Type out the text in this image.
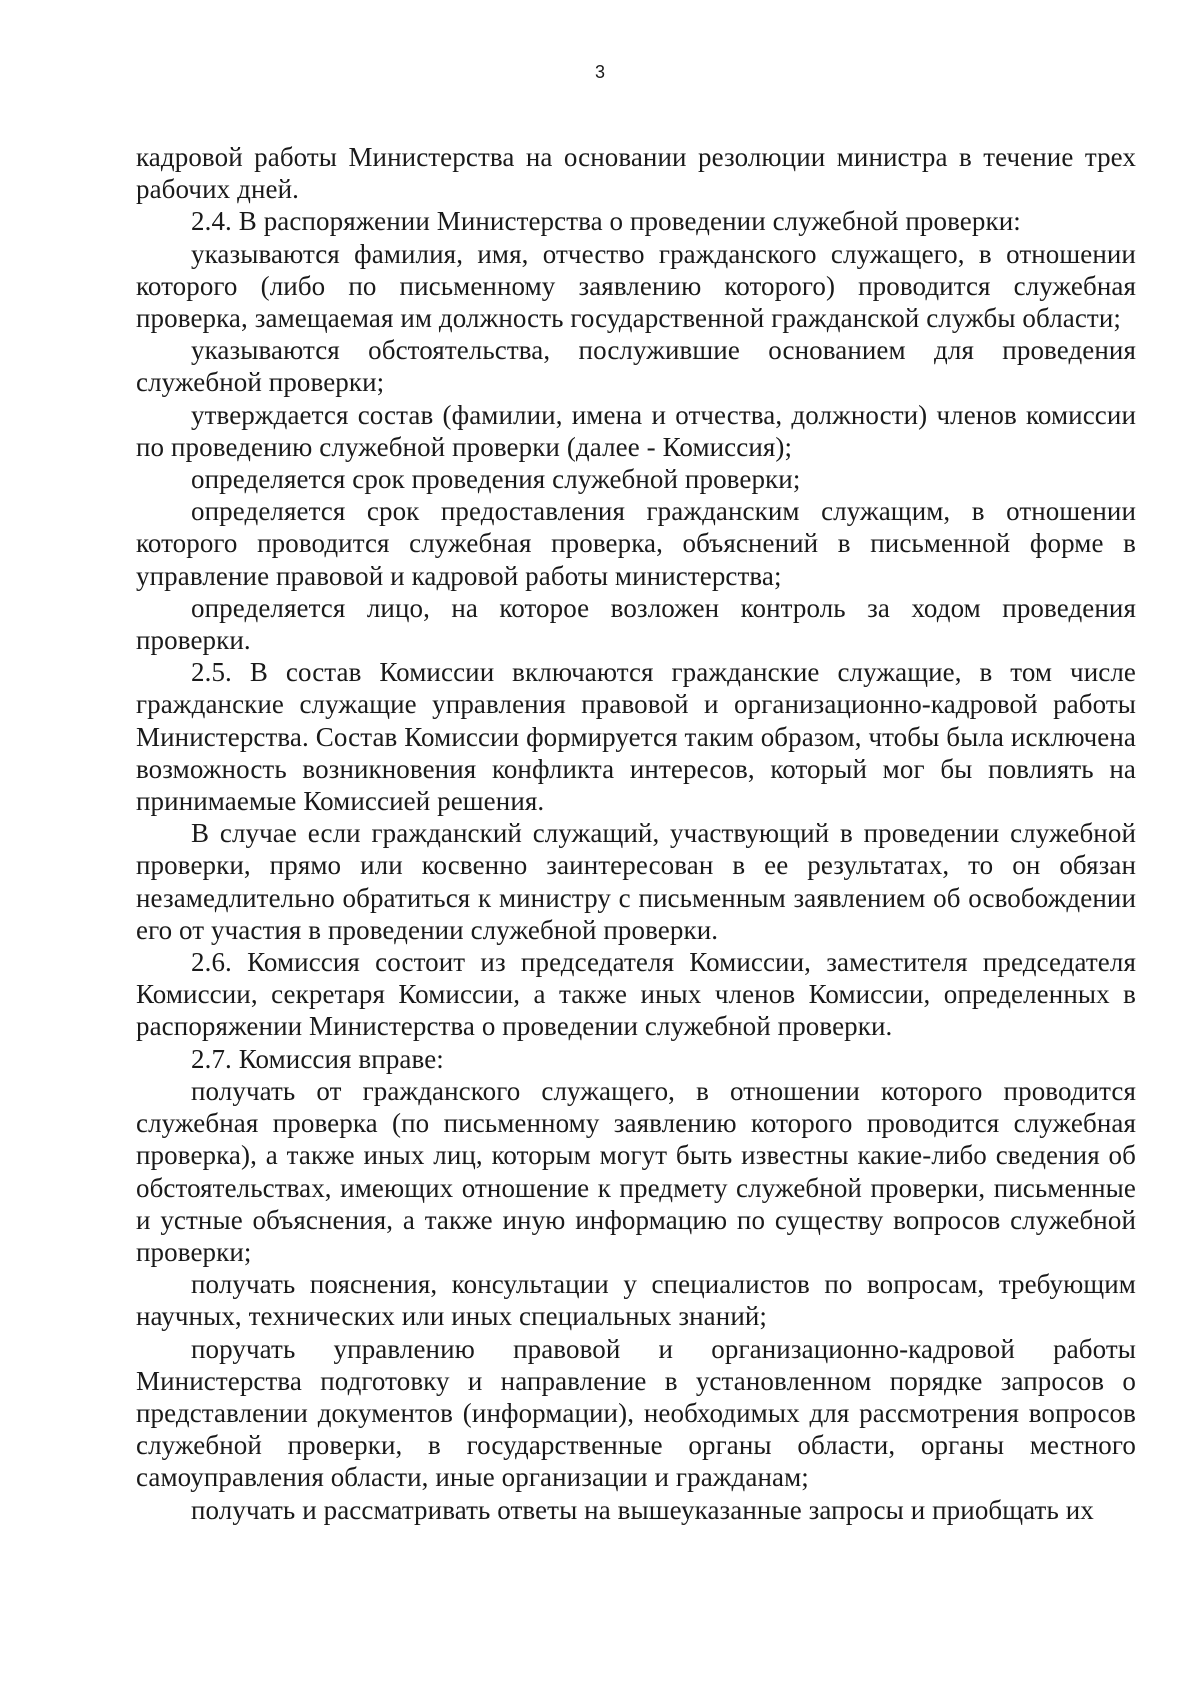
3

кадровой работы Министерства на основании резолюции министра в течение трех рабочих дней.

2.4. В распоряжении Министерства о проведении служебной проверки:

указываются фамилия, имя, отчество гражданского служащего, в отношении которого (либо по письменному заявлению которого) проводится служебная проверка, замещаемая им должность государственной гражданской службы области;

указываются обстоятельства, послужившие основанием для проведения служебной проверки;

утверждается состав (фамилии, имена и отчества, должности) членов комиссии по проведению служебной проверки (далее - Комиссия);

определяется срок проведения служебной проверки;

определяется срок предоставления гражданским служащим, в отношении которого проводится служебная проверка, объяснений в письменной форме в управление правовой и кадровой работы министерства;

определяется лицо, на которое возложен контроль за ходом проведения проверки.

2.5. В состав Комиссии включаются гражданские служащие, в том числе гражданские служащие управления правовой и организационно-кадровой работы Министерства. Состав Комиссии формируется таким образом, чтобы была исключена возможность возникновения конфликта интересов, который мог бы повлиять на принимаемые Комиссией решения.

В случае если гражданский служащий, участвующий в проведении служебной проверки, прямо или косвенно заинтересован в ее результатах, то он обязан незамедлительно обратиться к министру с письменным заявлением об освобождении его от участия в проведении служебной проверки.

2.6. Комиссия состоит из председателя Комиссии, заместителя председателя Комиссии, секретаря Комиссии, а также иных членов Комиссии, определенных в распоряжении Министерства о проведении служебной проверки.

2.7. Комиссия вправе:

получать от гражданского служащего, в отношении которого проводится служебная проверка (по письменному заявлению которого проводится служебная проверка), а также иных лиц, которым могут быть известны какие-либо сведения об обстоятельствах, имеющих отношение к предмету служебной проверки, письменные и устные объяснения, а также иную информацию по существу вопросов служебной проверки;

получать пояснения, консультации у специалистов по вопросам, требующим научных, технических или иных специальных знаний;

поручать управлению правовой и организационно-кадровой работы Министерства подготовку и направление в установленном порядке запросов о представлении документов (информации), необходимых для рассмотрения вопросов служебной проверки, в государственные органы области, органы местного самоуправления области, иные организации и гражданам;

получать и рассматривать ответы на вышеуказанные запросы и приобщать их
